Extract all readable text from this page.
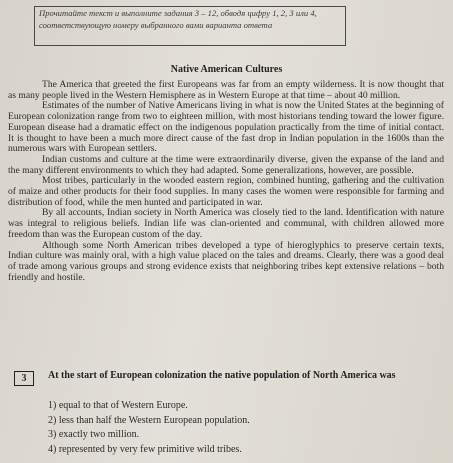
Прочитайте текст и выполните задания 3 – 12, обводя цифру 1, 2, 3 или 4, соответствующую номеру выбранного вами варианта ответа
Native American Cultures

The America that greeted the first Europeans was far from an empty wilderness. It is now thought that as many people lived in the Western Hemisphere as in Western Europe at that time – about 40 million.

Estimates of the number of Native Americans living in what is now the United States at the beginning of European colonization range from two to eighteen million, with most historians tending toward the lower figure. European disease had a dramatic effect on the indigenous population practically from the time of initial contact. It is thought to have been a much more direct cause of the fast drop in Indian population in the 1600s than the numerous wars with European settlers.

Indian customs and culture at the time were extraordinarily diverse, given the expanse of the land and the many different environments to which they had adapted. Some generalizations, however, are possible.

Most tribes, particularly in the wooded eastern region, combined hunting, gathering and the cultivation of maize and other products for their food supplies. In many cases the women were responsible for farming and distribution of food, while the men hunted and participated in war.

By all accounts, Indian society in North America was closely tied to the land. Identification with nature was integral to religious beliefs. Indian life was clan-oriented and communal, with children allowed more freedom than was the European custom of the day.

Although some North American tribes developed a type of hieroglyphics to preserve certain texts, Indian culture was mainly oral, with a high value placed on the tales and dreams. Clearly, there was a good deal of trade among various groups and strong evidence exists that neighboring tribes kept extensive relations – both friendly and hostile.

3	At the start of European colonization the native population of North America was
1) equal to that of Western Europe.
2) less than half the Western European population.
3) exactly two million.
4) represented by very few primitive wild tribes.
